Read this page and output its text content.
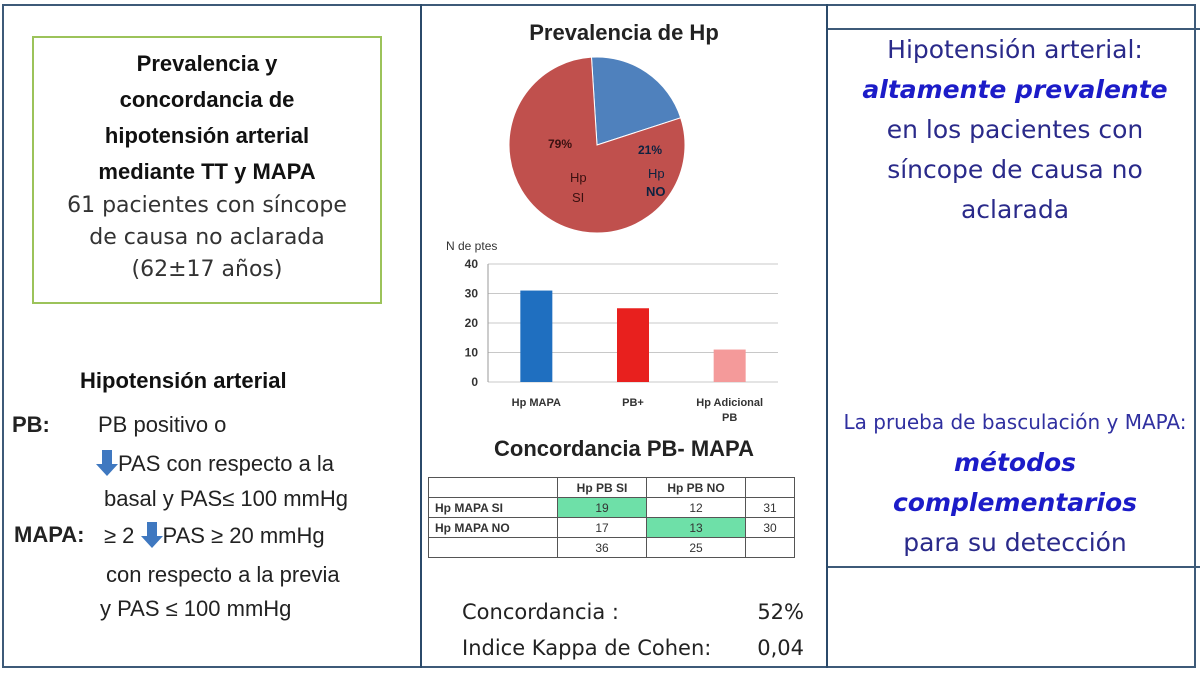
Prevalencia y
concordancia de
hipotensión arterial
mediante TT y MAPA
61 pacientes con síncope
de causa no aclarada
(62±17 años)
Hipotensión arterial
PB: PB positivo o
PAS con respecto a la
basal y PAS≤ 100 mmHg
MAPA: ≥ 2 PAS ≥ 20 mmHg
con respecto a la previa
y PAS ≤ 100 mmHg
Prevalencia de Hp
79%
Hp
SI
21%
Hp
NO
N de ptes
0
10
20
30
40
Hp MAPA	PB+	Hp Adicional
PB
Concordancia PB- MAPA
	Hp PB SI	Hp PB NO	
Hp MAPA SI	19	12	31
Hp MAPA NO	17	13	30
	36	25	
Concordancia :	52%
Indice Kappa de Cohen: 0,04
Hipotensión arterial:
altamente prevalente
en los pacientes con
síncope de causa no
aclarada
La prueba de basculación y MAPA:
métodos
complementarios
para su detección
